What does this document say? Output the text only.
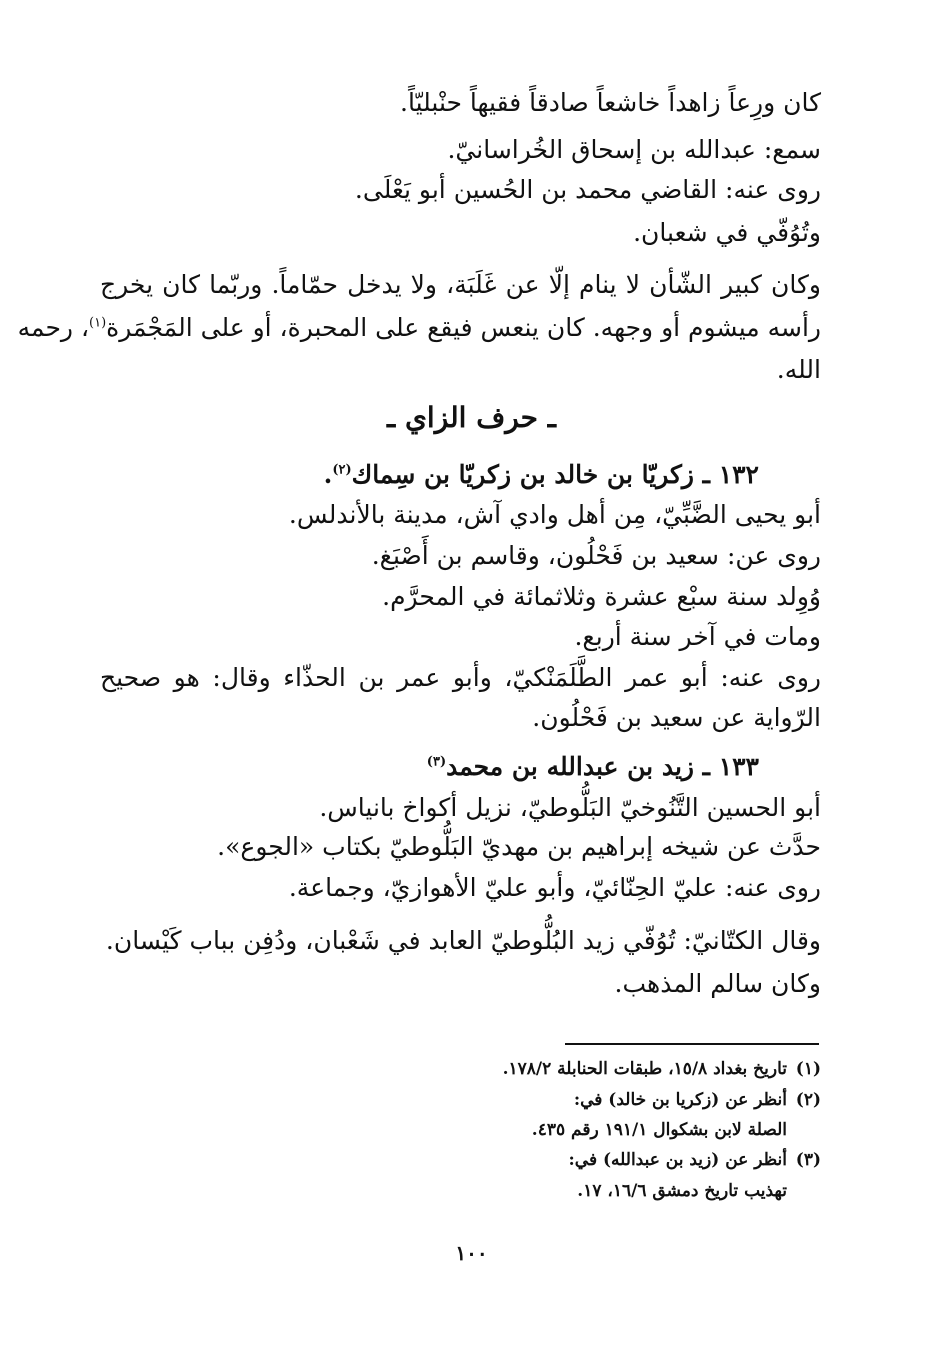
كان ورِعاً زاهداً خاشعاً صادقاً فقيهاً حنْبليّاً.
سمع: عبدالله بن إسحاق الخُراسانيّ.
روى عنه: القاضي محمد بن الحُسين أبو يَعْلَى.
وتُوُفّي في شعبان.
وكان كبير الشّأن لا ينام إلّا عن غَلَبَة، ولا يدخل حمّاماً. وربّما كان يخرج
رأسه ميشوم أو وجهه. كان ينعس فيقع على المحبرة، أو على المَجْمَرة$^{(١)}$، رحمه
الله.
ـ حرف الزاي ـ
١٣٢ ـ زكريّا بن خالد بن زكريّا بن سِماك$^{(٢)}$.
أبو يحيى الضَّبِّيّ، مِن أهل وادي آش، مدينة بالأندلس.
روى عن: سعيد بن فَحْلُون، وقاسم بن أَصْبَغ.
وُوِلد سنة سبْع عشرة وثلاثمائة في المحرَّم.
ومات في آخر سنة أربع.
روى عنه: أبو عمر الطَّلَمَنْكيّ، وأبو عمر بن الحذّاء وقال: هو صحيح
الرّواية عن سعيد بن فَحْلُون.
١٣٣ ـ زيد بن عبدالله بن محمد$^{(٣)}$
أبو الحسين التَّنُوخيّ البَلُّوطيّ، نزيل أكواخ بانياس.
حدَّث عن شيخه إبراهيم بن مهديّ البَلُّوطيّ بكتاب «الجوع».
روى عنه: عليّ الحِنّائيّ، وأبو عليّ الأهوازيّ، وجماعة.
وقال الكتّانيّ: تُوُفّي زيد البُلُّوطيّ العابد في شَعْبان، ودُفِن بباب كَيْسان.
وكان سالم المذهب.
(١)تاريخ بغداد ١٥/٨، طبقات الحنابلة ١٧٨/٢.
(٢)أنظر عن (زكريا بن خالد) في:
الصلة لابن بشكوال ١٩١/١ رقم ٤٣٥.
(٣)أنظر عن (زيد بن عبدالله) في:
تهذيب تاريخ دمشق ١٦/٦، ١٧.
١٠٠
